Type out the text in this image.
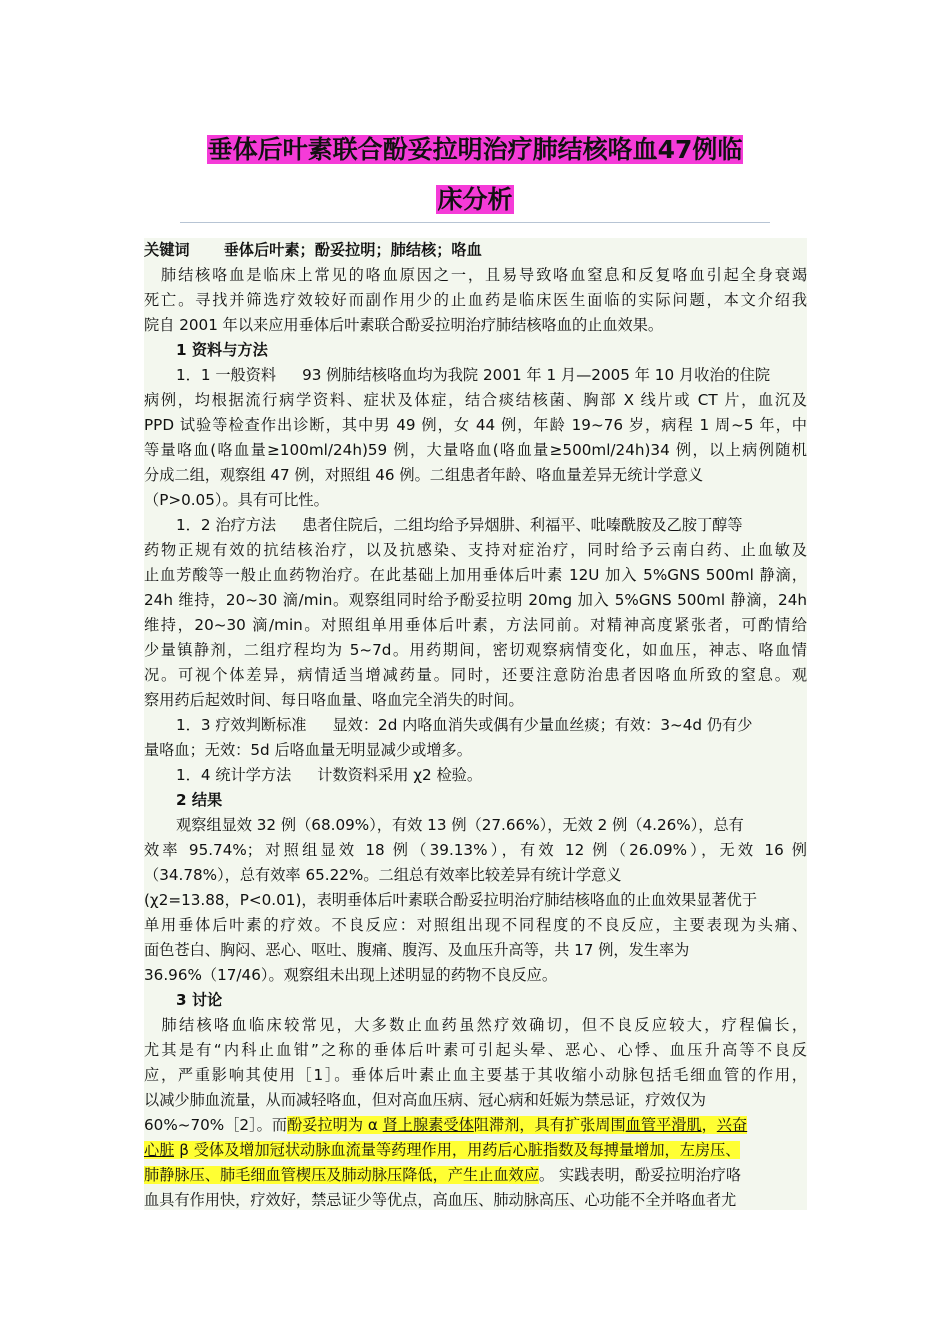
垂体后叶素联合酚妥拉明治疗肺结核咯血47例临
床分析
关键词 垂体后叶素；酚妥拉明；肺结核；咯血
　肺结核咯血是临床上常见的咯血原因之一，且易导致咯血窒息和反复咯血引起全身衰竭
死亡。寻找并筛选疗效较好而副作用少的止血药是临床医生面临的实际问题，本文介绍我
院自 2001 年以来应用垂体后叶素联合酚妥拉明治疗肺结核咯血的止血效果。
1 资料与方法
1．1 一般资料 93 例肺结核咯血均为我院 2001 年 1 月—2005 年 10 月收治的住院
病例，均根据流行病学资料、症状及体症，结合痰结核菌、胸部 X 线片或 CT 片，血沉及
PPD 试验等检查作出诊断，其中男 49 例，女 44 例，年龄 19~76 岁，病程 1 周~5 年，中
等量咯血(咯血量≥100ml/24h)59 例，大量咯血(咯血量≥500ml/24h)34 例，以上病例随机
分成二组，观察组 47 例，对照组 46 例。二组患者年龄、咯血量差异无统计学意义
（P>0.05）。具有可比性。
1．2 治疗方法 患者住院后，二组均给予异烟肼、利福平、吡嗪酰胺及乙胺丁醇等
药物正规有效的抗结核治疗，以及抗感染、支持对症治疗，同时给予云南白药、止血敏及
止血芳酸等一般止血药物治疗。在此基础上加用垂体后叶素 12U 加入 5%GNS 500ml 静滴，
24h 维持，20~30 滴/min。观察组同时给予酚妥拉明 20mg 加入 5%GNS 500ml 静滴，24h
维持，20~30 滴/min。对照组单用垂体后叶素，方法同前。对精神高度紧张者，可酌情给
少量镇静剂，二组疗程均为 5~7d。用药期间，密切观察病情变化，如血压，神志、咯血情
况。可视个体差异，病情适当增减药量。同时，还要注意防治患者因咯血所致的窒息。观
察用药后起效时间、每日咯血量、咯血完全消失的时间。
1．3 疗效判断标准 显效：2d 内咯血消失或偶有少量血丝痰；有效：3~4d 仍有少
量咯血；无效：5d 后咯血量无明显减少或增多。
1．4 统计学方法 计数资料采用 χ2 检验。
2 结果
观察组显效 32 例（68.09%），有效 13 例（27.66%），无效 2 例（4.26%），总有
效率 95.74%；对照组显效 18 例（39.13%），有效 12 例（26.09%），无效 16 例
（34.78%），总有效率 65.22%。二组总有效率比较差异有统计学意义
(χ2=13.88，P<0.01)，表明垂体后叶素联合酚妥拉明治疗肺结核咯血的止血效果显著优于
单用垂体后叶素的疗效。不良反应：对照组出现不同程度的不良反应，主要表现为头痛、
面色苍白、胸闷、恶心、呕吐、腹痛、腹泻、及血压升高等，共 17 例，发生率为
36.96%（17/46）。观察组未出现上述明显的药物不良反应。
3 讨论
　肺结核咯血临床较常见，大多数止血药虽然疗效确切，但不良反应较大，疗程偏长，
尤其是有“内科止血钳”之称的垂体后叶素可引起头晕、恶心、心悸、血压升高等不良反
应，严重影响其使用［1］。垂体后叶素止血主要基于其收缩小动脉包括毛细血管的作用，
以减少肺血流量，从而减轻咯血，但对高血压病、冠心病和妊娠为禁忌证，疗效仅为
60%~70%［2］。而酚妥拉明为 α 肾上腺素受体阻滞剂，具有扩张周围血管平滑肌，兴奋
心脏 β 受体及增加冠状动脉血流量等药理作用，用药后心脏指数及每搏量增加，左房压、
肺静脉压、肺毛细血管楔压及肺动脉压降低，产生止血效应。 实践表明，酚妥拉明治疗咯
血具有作用快，疗效好，禁忌证少等优点，高血压、肺动脉高压、心功能不全并咯血者尤
